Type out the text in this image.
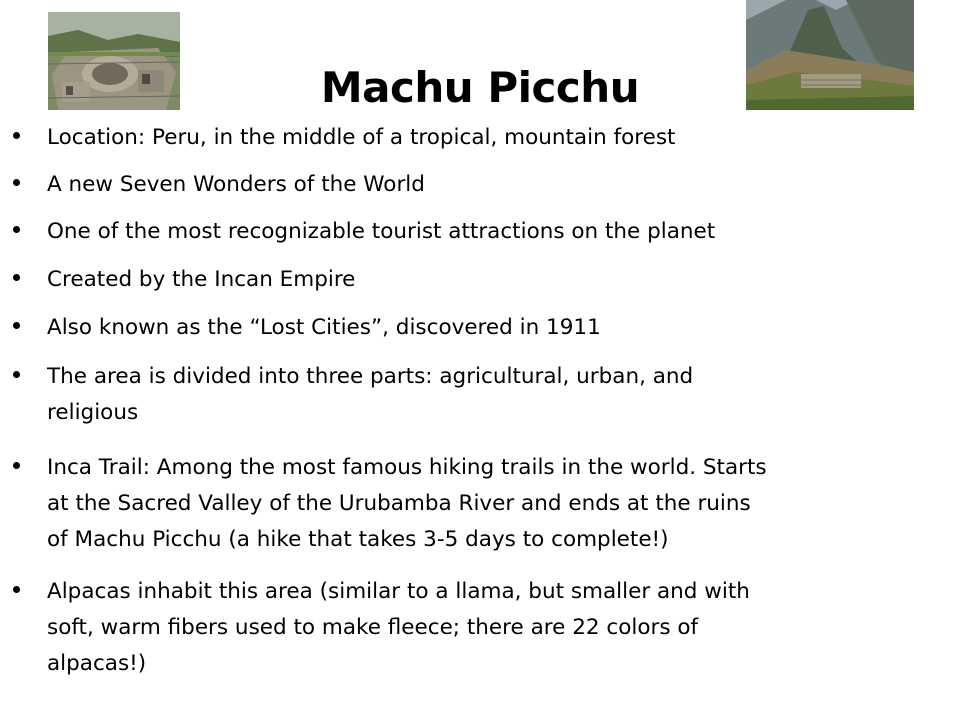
Machu Picchu
Location: Peru, in the middle of a tropical, mountain forest
A new Seven Wonders of the World
One of the most recognizable tourist attractions on the planet
Created by the Incan Empire
Also known as the “Lost Cities”, discovered in 1911
The area is divided into three parts: agricultural, urban, and
religious
Inca Trail: Among the most famous hiking trails in the world. Starts
at the Sacred Valley of the Urubamba River and ends at the ruins
of Machu Picchu (a hike that takes 3-5 days to complete!)
Alpacas inhabit this area (similar to a llama, but smaller and with
soft, warm fibers used to make fleece; there are 22 colors of
alpacas!)
